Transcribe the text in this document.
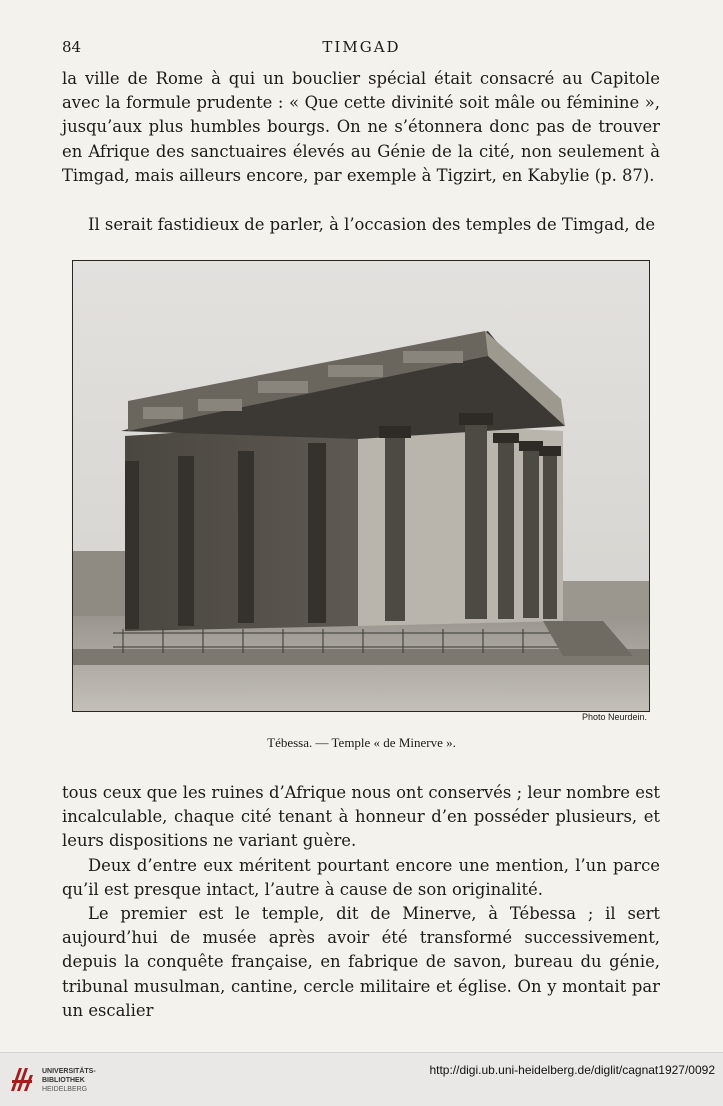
84	TIMGAD

la ville de Rome à qui un bouclier spécial était consacré au Capitole avec la formule prudente : « Que cette divinité soit mâle ou féminine », jusqu’aux plus humbles bourgs. On ne s’étonnera donc pas de trouver en Afrique des sanctuaires élevés au Génie de la cité, non seulement à Timgad, mais ailleurs encore, par exemple à Tigzirt, en Kabylie (p. 87).

Il serait fastidieux de parler, à l’occasion des temples de Timgad, de

Photo Neurdein.
Tébessa. — Temple « de Minerve ».

tous ceux que les ruines d’Afrique nous ont conservés ; leur nombre est incalculable, chaque cité tenant à honneur d’en posséder plusieurs, et leurs dispositions ne variant guère.

Deux d’entre eux méritent pourtant encore une mention, l’un parce qu’il est presque intact, l’autre à cause de son originalité.

Le premier est le temple, dit de Minerve, à Tébessa ; il sert aujourd’hui de musée après avoir été transformé successivement, depuis la conquête française, en fabrique de savon, bureau du génie, tribunal musulman, cantine, cercle militaire et église. On y montait par un escalier

UNIVERSITÄTS-
BIBLIOTHEK
HEIDELBERG
http://digi.ub.uni-heidelberg.de/diglit/cagnat1927/0092
